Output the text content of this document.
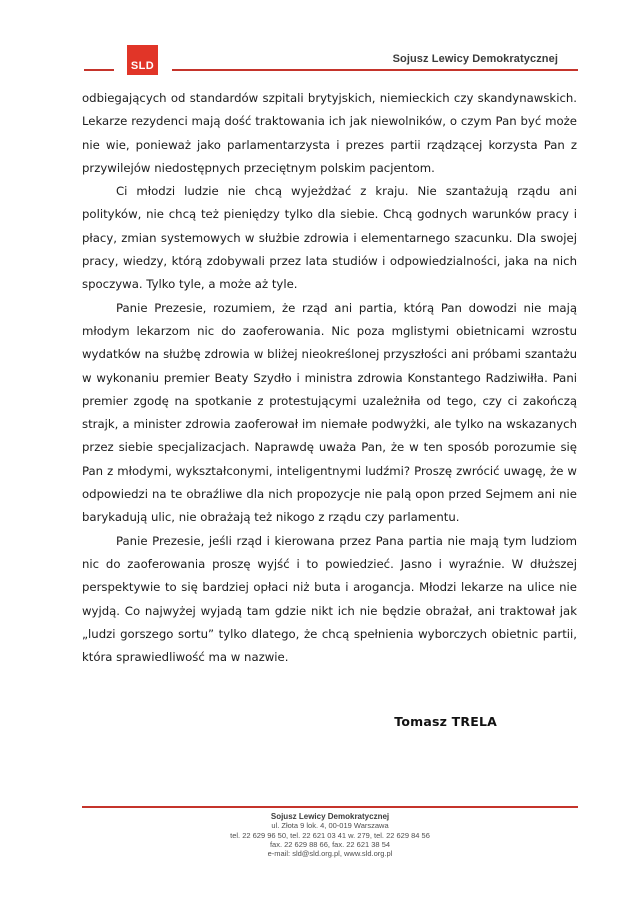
SLD
Sojusz Lewicy Demokratycznej

odbiegających od standardów szpitali brytyjskich, niemieckich czy skandynawskich. Lekarze rezydenci mają dość traktowania ich jak niewolników, o czym Pan być może nie wie, ponieważ jako parlamentarzysta i prezes partii rządzącej korzysta Pan z przywilejów niedostępnych przeciętnym polskim pacjentom.

Ci młodzi ludzie nie chcą wyjeżdżać z kraju. Nie szantażują rządu ani polityków, nie chcą też pieniędzy tylko dla siebie. Chcą godnych warunków pracy i płacy, zmian systemowych w służbie zdrowia i elementarnego szacunku. Dla swojej pracy, wiedzy, którą zdobywali przez lata studiów i odpowiedzialności, jaka na nich spoczywa. Tylko tyle, a może aż tyle.

Panie Prezesie, rozumiem, że rząd ani partia, którą Pan dowodzi nie mają młodym lekarzom nic do zaoferowania. Nic poza mglistymi obietnicami wzrostu wydatków na służbę zdrowia w bliżej nieokreślonej przyszłości ani próbami szantażu w wykonaniu premier Beaty Szydło i ministra zdrowia Konstantego Radziwiłła. Pani premier zgodę na spotkanie z protestującymi uzależniła od tego, czy ci zakończą strajk, a minister zdrowia zaoferował im niemałe podwyżki, ale tylko na wskazanych przez siebie specjalizacjach. Naprawdę uważa Pan, że w ten sposób porozumie się Pan z młodymi, wykształconymi, inteligentnymi ludźmi? Proszę zwrócić uwagę, że w odpowiedzi na te obraźliwe dla nich propozycje nie palą opon przed Sejmem ani nie barykadują ulic, nie obrażają też nikogo z rządu czy parlamentu.

Panie Prezesie, jeśli rząd i kierowana przez Pana partia nie mają tym ludziom nic do zaoferowania proszę wyjść i to powiedzieć. Jasno i wyraźnie. W dłuższej perspektywie to się bardziej opłaci niż buta i arogancja. Młodzi lekarze na ulice nie wyjdą. Co najwyżej wyjadą tam gdzie nikt ich nie będzie obrażał, ani traktował jak „ludzi gorszego sortu” tylko dlatego, że chcą spełnienia wyborczych obietnic partii, która sprawiedliwość ma w nazwie.

Tomasz TRELA
Sojusz Lewicy Demokratycznej
ul. Złota 9 lok. 4, 00-019 Warszawa
tel. 22 629 96 50, tel. 22 621 03 41 w. 279, tel. 22 629 84 56
fax. 22 629 88 66, fax. 22 621 38 54
e-mail: sld@sld.org.pl, www.sld.org.pl
